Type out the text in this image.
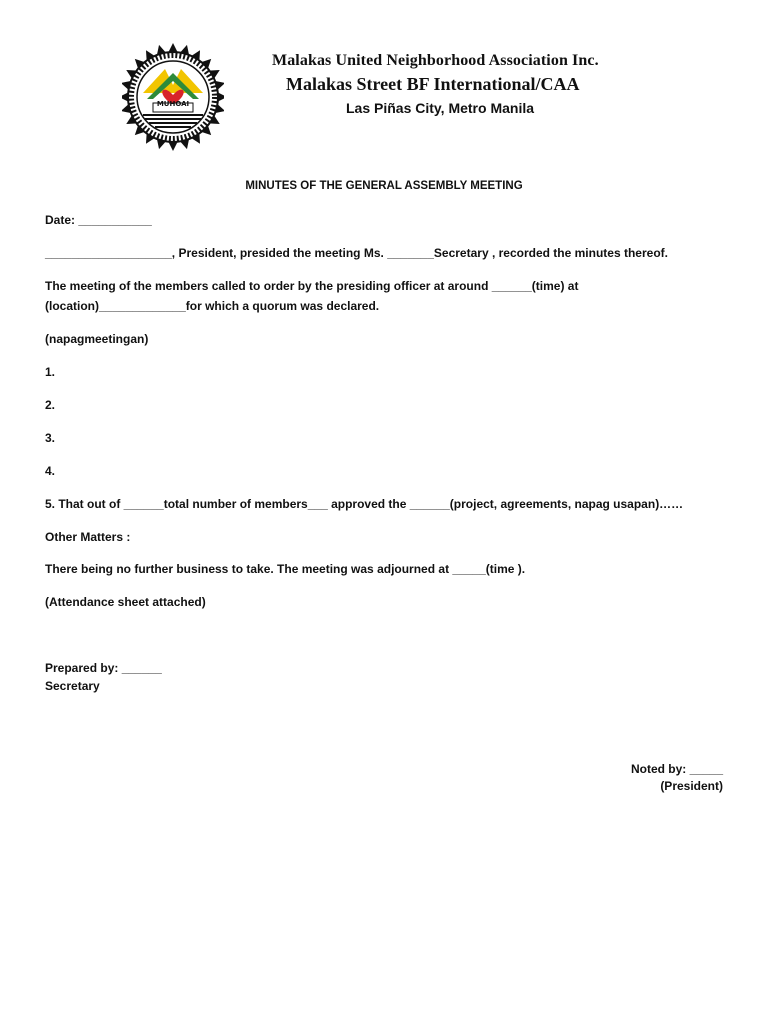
MUHOAI
Malakas United Neighborhood Association Inc.
Malakas Street BF International/CAA
Las Piñas City, Metro Manila
MINUTES OF THE GENERAL ASSEMBLY MEETING
Date: ___________
___________________, President, presided the meeting Ms. _______Secretary , recorded the minutes thereof.
The meeting of the members called to order by the presiding officer at around ______(time) at
(location)_____________for which a quorum was declared.
(napagmeetingan)
1.
2.
3.
4.
5. That out of ______total number of members___ approved the ______(project, agreements, napag usapan)……
Other Matters :
There being no further business to take. The meeting was adjourned at _____(time ).
(Attendance sheet attached)
Prepared by: ______
Secretary
Noted by: _____
(President)
